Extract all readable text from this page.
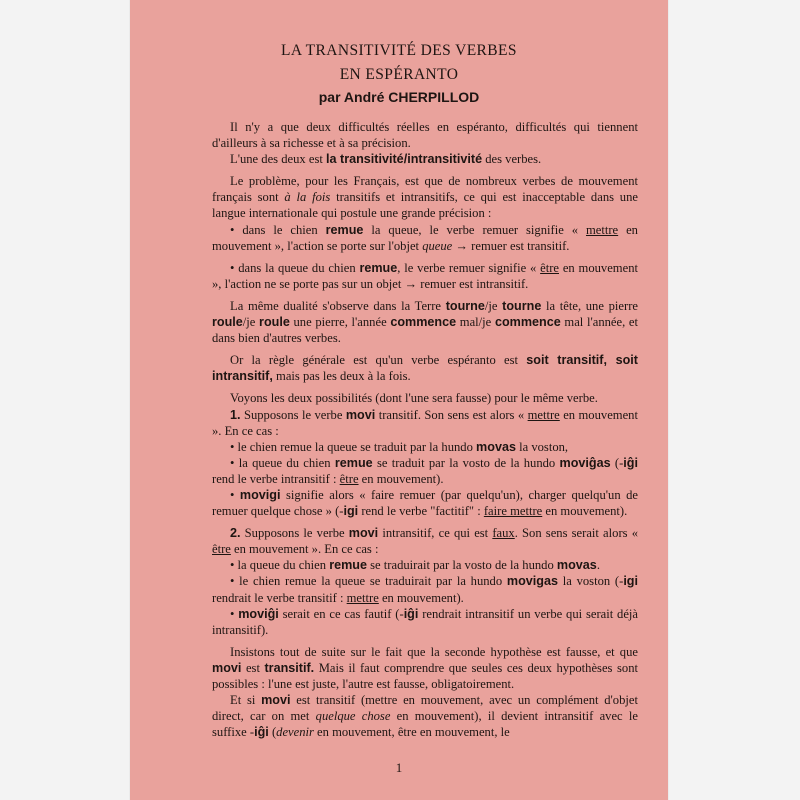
LA TRANSITIVITÉ DES VERBES
EN ESPÉRANTO
par André CHERPILLOD

Il n'y a que deux difficultés réelles en espéranto, difficultés qui tiennent d'ailleurs à sa richesse et à sa précision.

L'une des deux est la transitivité/intransitivité des verbes.

Le problème, pour les Français, est que de nombreux verbes de mouvement français sont à la fois transitifs et intransitifs, ce qui est inacceptable dans une langue internationale qui postule une grande précision :

• dans le chien remue la queue, le verbe remuer signifie « mettre en mouvement », l'action se porte sur l'objet queue → remuer est transitif.

• dans la queue du chien remue, le verbe remuer signifie « être en mouvement », l'action ne se porte pas sur un objet → remuer est intransitif.

La même dualité s'observe dans la Terre tourne/je tourne la tête, une pierre roule/je roule une pierre, l'année commence mal/je commence mal l'année, et dans bien d'autres verbes.

Or la règle générale est qu'un verbe espéranto est soit transitif, soit intransitif, mais pas les deux à la fois.

Voyons les deux possibilités (dont l'une sera fausse) pour le même verbe.

1. Supposons le verbe movi transitif. Son sens est alors « mettre en mouvement ». En ce cas :

• le chien remue la queue se traduit par la hundo movas la voston,

• la queue du chien remue se traduit par la vosto de la hundo moviĝas (-iĝi rend le verbe intransitif : être en mouvement).

• movigi signifie alors « faire remuer (par quelqu'un), charger quelqu'un de remuer quelque chose » (-igi rend le verbe "factitif" : faire mettre en mouvement).

2. Supposons le verbe movi intransitif, ce qui est faux. Son sens serait alors « être en mouvement ». En ce cas :

• la queue du chien remue se traduirait par la vosto de la hundo movas.

• le chien remue la queue se traduirait par la hundo movigas la voston (-igi rendrait le verbe transitif : mettre en mouvement).

• moviĝi serait en ce cas fautif (-iĝi rendrait intransitif un verbe qui serait déjà intransitif).

Insistons tout de suite sur le fait que la seconde hypothèse est fausse, et que movi est transitif. Mais il faut comprendre que seules ces deux hypothèses sont possibles : l'une est juste, l'autre est fausse, obligatoirement.

Et si movi est transitif (mettre en mouvement, avec un complément d'objet direct, car on met quelque chose en mouvement), il devient intransitif avec le suffixe -iĝi (devenir en mouvement, être en mouvement, le

1
